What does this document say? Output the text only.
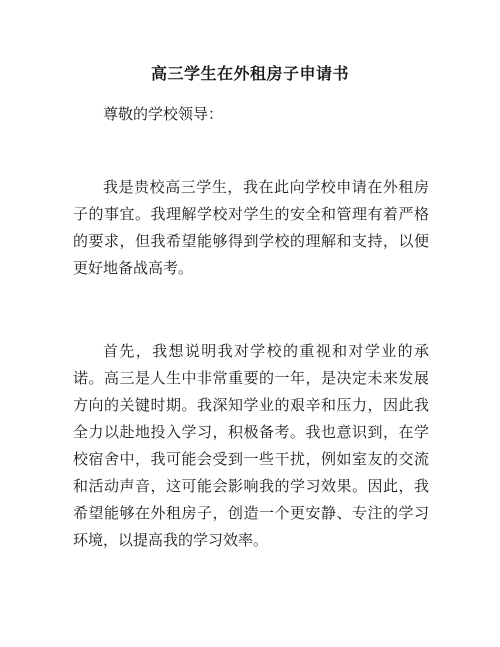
高三学生在外租房子申请书

尊敬的学校领导：

我是贵校高三学生，我在此向学校申请在外租房子的事宜。我理解学校对学生的安全和管理有着严格的要求，但我希望能够得到学校的理解和支持，以便更好地备战高考。

首先，我想说明我对学校的重视和对学业的承诺。高三是人生中非常重要的一年，是决定未来发展方向的关键时期。我深知学业的艰辛和压力，因此我全力以赴地投入学习，积极备考。我也意识到，在学校宿舍中，我可能会受到一些干扰，例如室友的交流和活动声音，这可能会影响我的学习效果。因此，我希望能够在外租房子，创造一个更安静、专注的学习环境，以提高我的学习效率。
